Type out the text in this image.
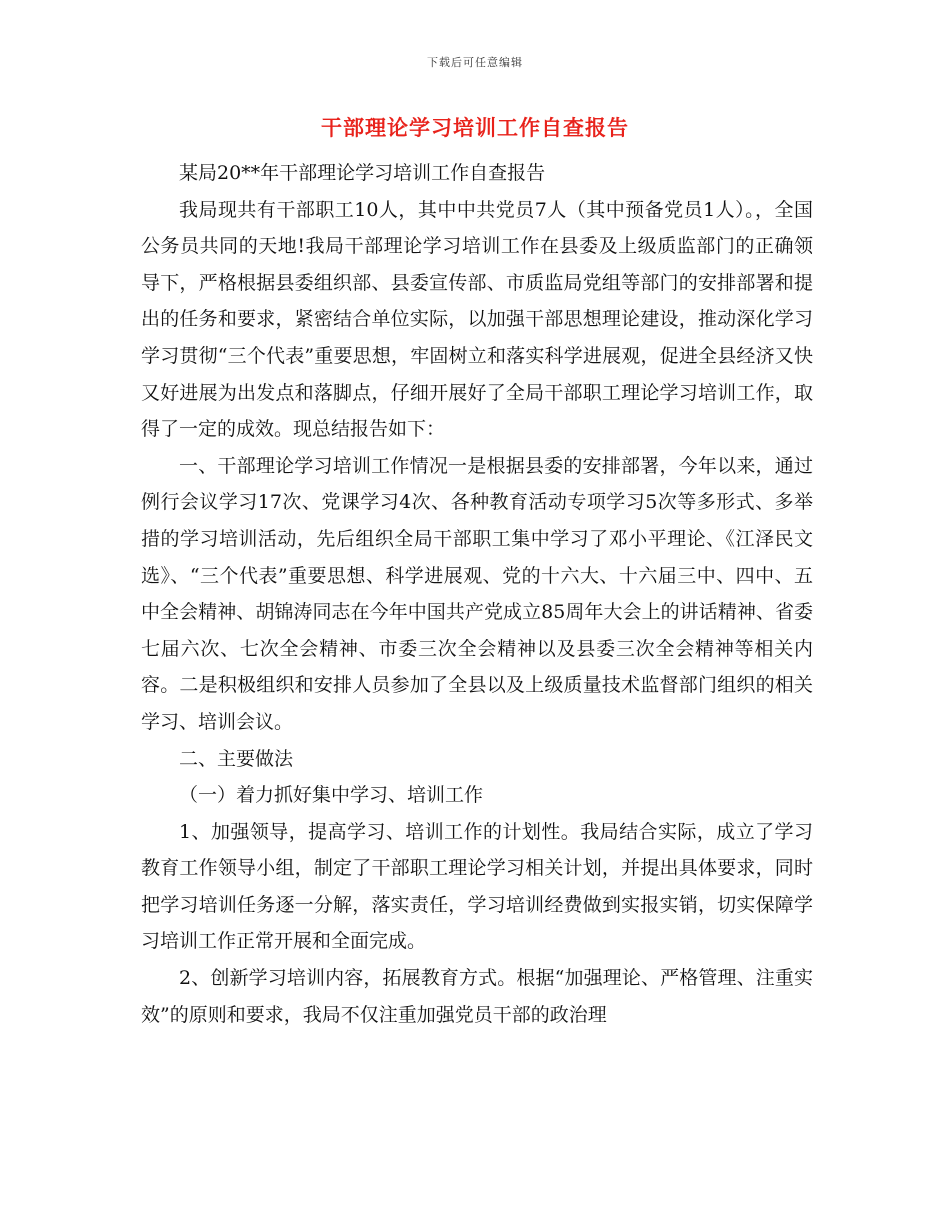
下载后可任意编辑
干部理论学习培训工作自查报告

某局20**年干部理论学习培训工作自查报告

我局现共有干部职工10人，其中中共党员7人（其中预备党员1人）。，全国公务员共同的天地!我局干部理论学习培训工作在县委及上级质监部门的正确领导下，严格根据县委组织部、县委宣传部、市质监局党组等部门的安排部署和提出的任务和要求，紧密结合单位实际，以加强干部思想理论建设，推动深化学习学习贯彻“三个代表”重要思想，牢固树立和落实科学进展观，促进全县经济又快又好进展为出发点和落脚点，仔细开展好了全局干部职工理论学习培训工作，取得了一定的成效。现总结报告如下：

一、干部理论学习培训工作情况一是根据县委的安排部署，今年以来，通过例行会议学习17次、党课学习4次、各种教育活动专项学习5次等多形式、多举措的学习培训活动，先后组织全局干部职工集中学习了邓小平理论、《江泽民文选》、“三个代表”重要思想、科学进展观、党的十六大、十六届三中、四中、五中全会精神、胡锦涛同志在今年中国共产党成立85周年大会上的讲话精神、省委七届六次、七次全会精神、市委三次全会精神以及县委三次全会精神等相关内容。二是积极组织和安排人员参加了全县以及上级质量技术监督部门组织的相关学习、培训会议。

二、主要做法

（一）着力抓好集中学习、培训工作

1、加强领导，提高学习、培训工作的计划性。我局结合实际，成立了学习教育工作领导小组，制定了干部职工理论学习相关计划，并提出具体要求，同时把学习培训任务逐一分解，落实责任，学习培训经费做到实报实销，切实保障学习培训工作正常开展和全面完成。

2、创新学习培训内容，拓展教育方式。根据“加强理论、严格管理、注重实效”的原则和要求，我局不仅注重加强党员干部的政治理
